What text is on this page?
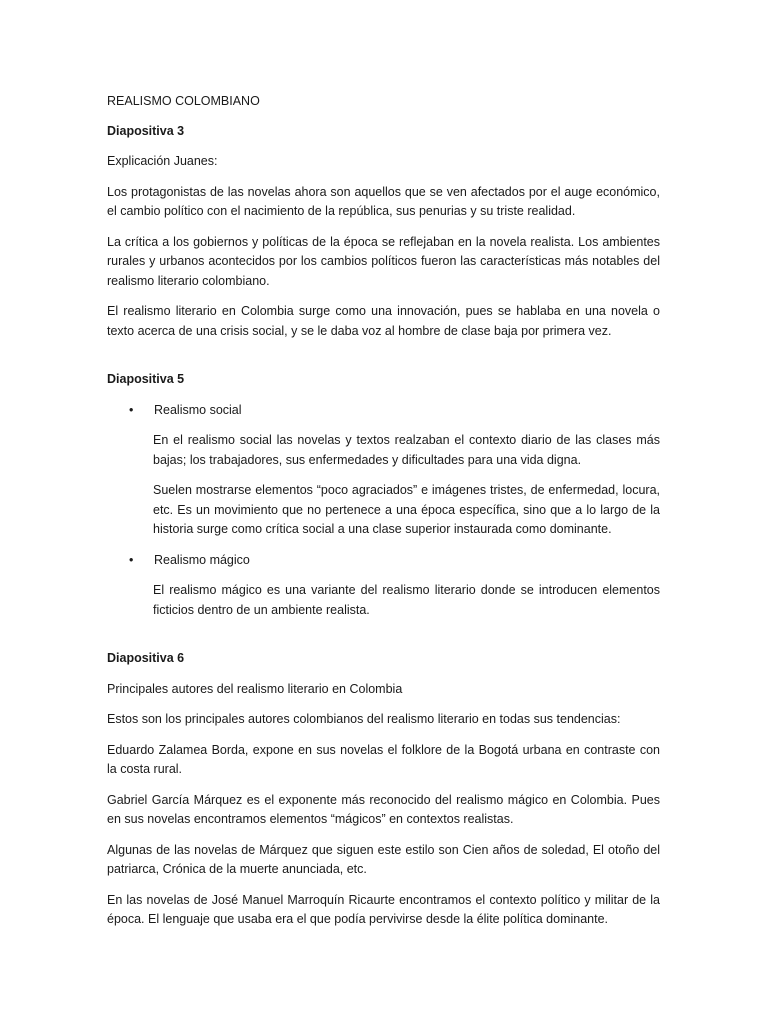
REALISMO COLOMBIANO

Diapositiva 3

Explicación Juanes:

Los protagonistas de las novelas ahora son aquellos que se ven afectados por el auge económico, el cambio político con el nacimiento de la república, sus penurias y su triste realidad.

La crítica a los gobiernos y políticas de la época se reflejaban en la novela realista. Los ambientes rurales y urbanos acontecidos por los cambios políticos fueron las características más notables del realismo literario colombiano.

El realismo literario en Colombia surge como una innovación, pues se hablaba en una novela o texto acerca de una crisis social, y se le daba voz al hombre de clase baja por primera vez.

Diapositiva 5

•	Realismo social

En el realismo social las novelas y textos realzaban el contexto diario de las clases más bajas; los trabajadores, sus enfermedades y dificultades para una vida digna.

Suelen mostrarse elementos “poco agraciados” e imágenes tristes, de enfermedad, locura, etc. Es un movimiento que no pertenece a una época específica, sino que a lo largo de la historia surge como crítica social a una clase superior instaurada como dominante.

•	Realismo mágico

El realismo mágico es una variante del realismo literario donde se introducen elementos ficticios dentro de un ambiente realista.

Diapositiva 6

Principales autores del realismo literario en Colombia

Estos son los principales autores colombianos del realismo literario en todas sus tendencias:

Eduardo Zalamea Borda, expone en sus novelas el folklore de la Bogotá urbana en contraste con la costa rural.

Gabriel García Márquez es el exponente más reconocido del realismo mágico en Colombia. Pues en sus novelas encontramos elementos “mágicos” en contextos realistas.

Algunas de las novelas de Márquez que siguen este estilo son Cien años de soledad, El otoño del patriarca, Crónica de la muerte anunciada, etc.

En las novelas de José Manuel Marroquín Ricaurte encontramos el contexto político y militar de la época. El lenguaje que usaba era el que podía pervivirse desde la élite política dominante.
